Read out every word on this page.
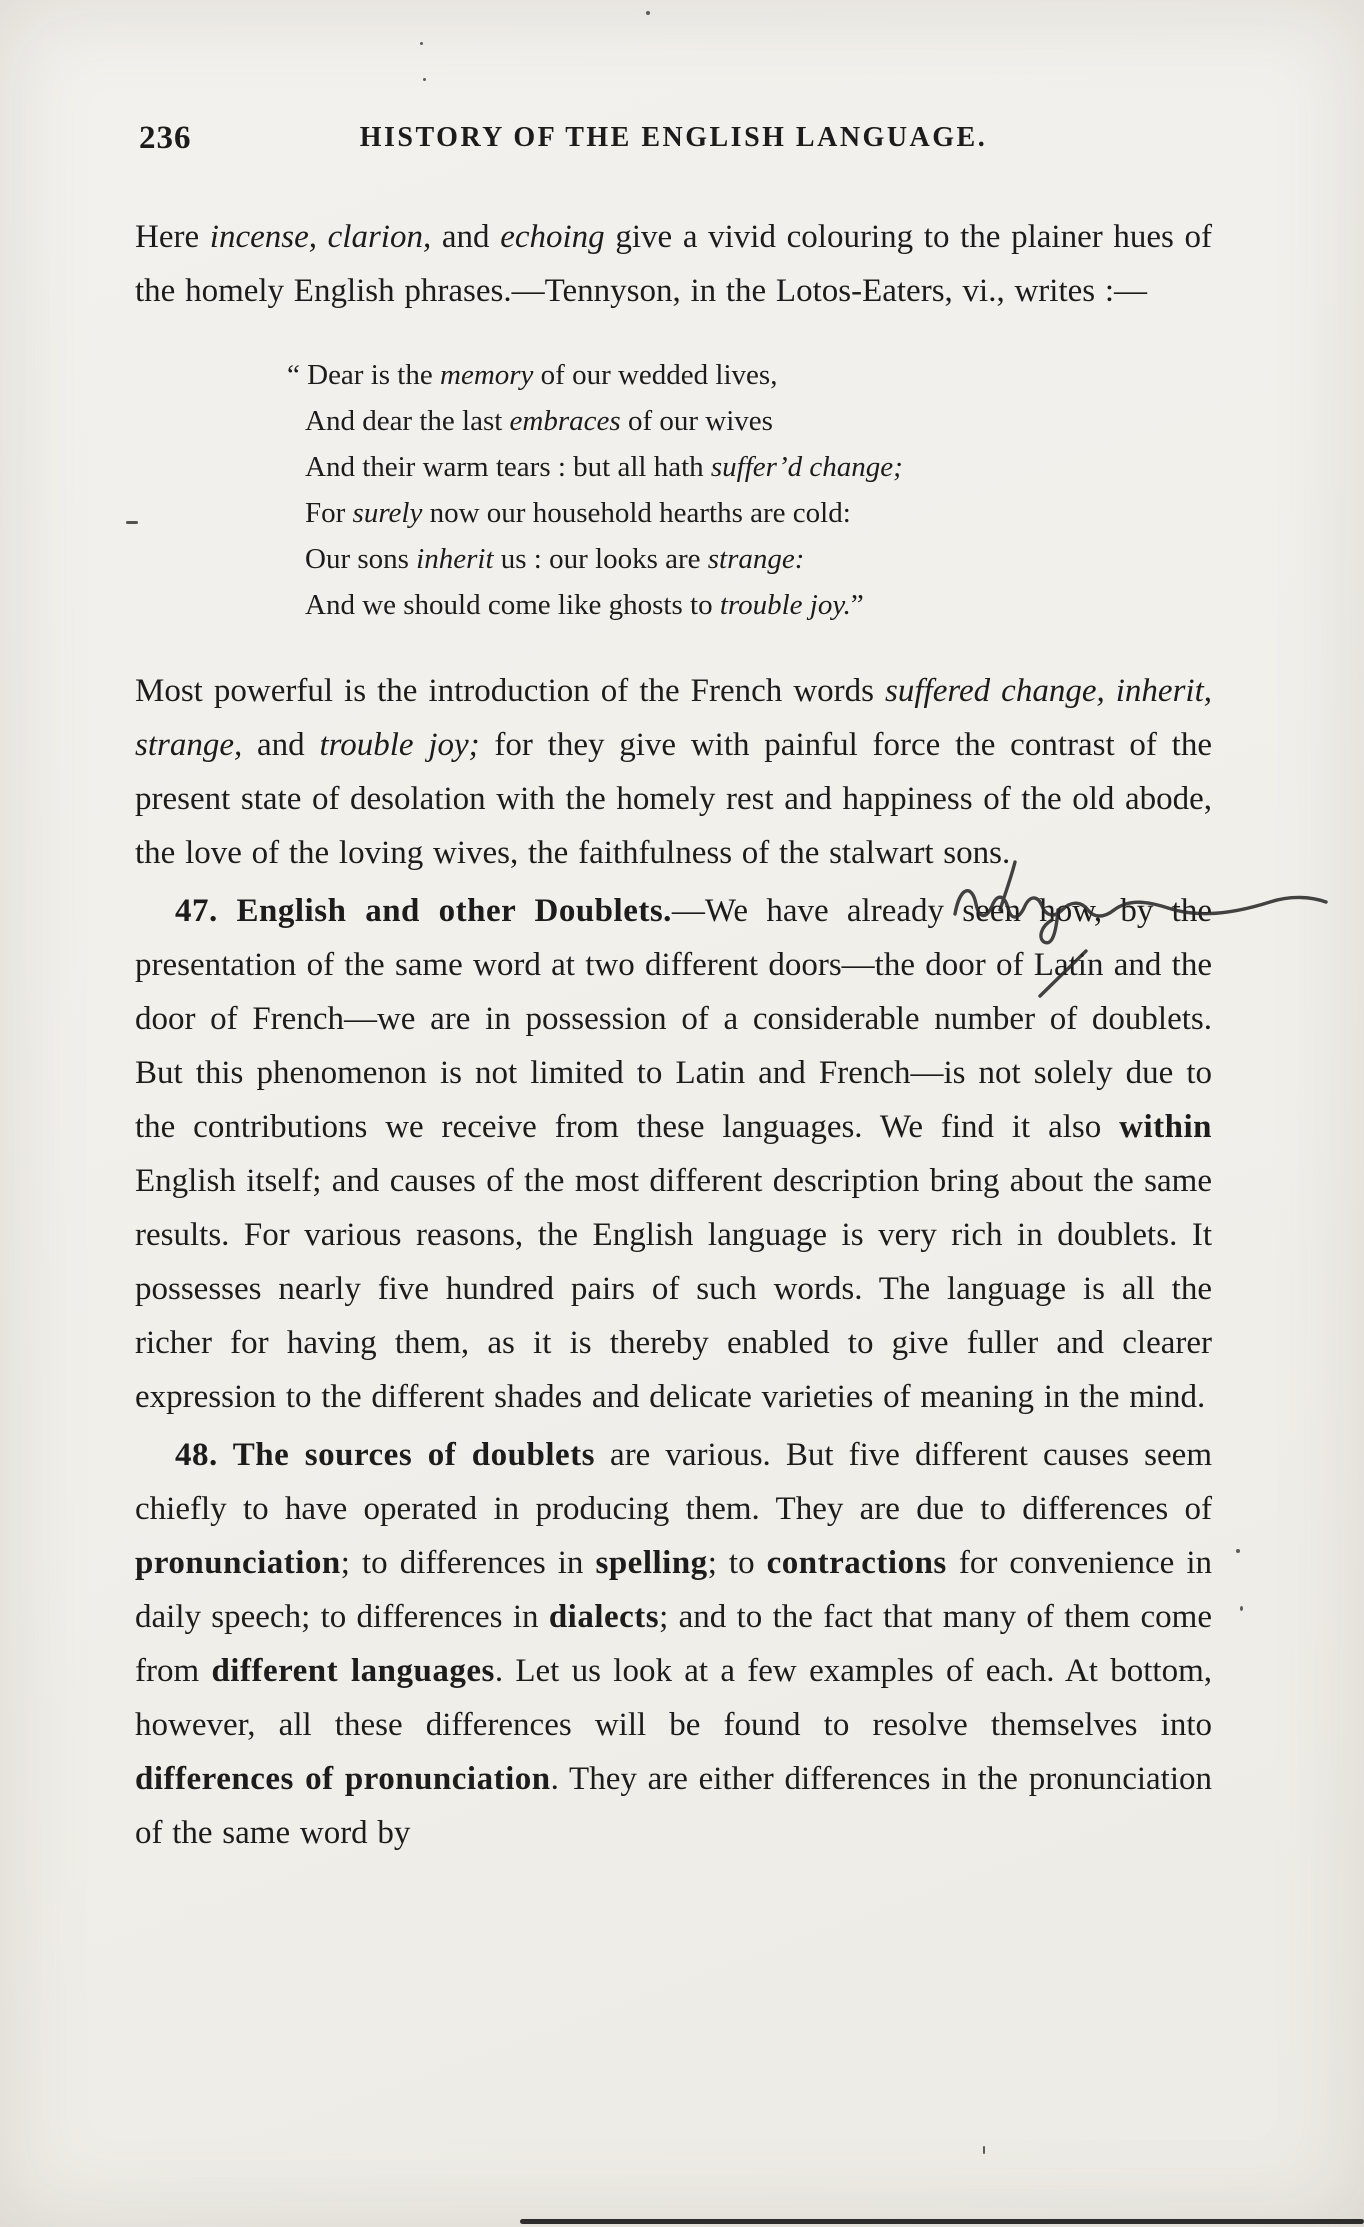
236	HISTORY OF THE ENGLISH LANGUAGE.

Here incense, clarion, and echoing give a vivid colouring to the plainer hues of the homely English phrases.—Tennyson, in the Lotos-Eaters, vi., writes :—

“ Dear is the memory of our wedded lives,
And dear the last embraces of our wives
And their warm tears : but all hath suffer’d change;
For surely now our household hearths are cold:
Our sons inherit us : our looks are strange:
And we should come like ghosts to trouble joy.”

Most powerful is the introduction of the French words suffered change, inherit, strange, and trouble joy; for they give with painful force the contrast of the present state of desolation with the homely rest and happiness of the old abode, the love of the loving wives, the faithfulness of the stalwart sons.

47. English and other Doublets.—We have already seen how, by the presentation of the same word at two different doors—the door of Latin and the door of French—we are in possession of a considerable number of doublets. But this phenomenon is not limited to Latin and French—is not solely due to the contributions we receive from these languages. We find it also within English itself; and causes of the most different description bring about the same results. For various reasons, the English language is very rich in doublets. It possesses nearly five hundred pairs of such words. The language is all the richer for having them, as it is thereby enabled to give fuller and clearer expression to the different shades and delicate varieties of meaning in the mind.

48. The sources of doublets are various. But five different causes seem chiefly to have operated in producing them. They are due to differences of pronunciation; to differences in spelling; to contractions for convenience in daily speech; to differences in dialects; and to the fact that many of them come from different languages. Let us look at a few examples of each. At bottom, however, all these differences will be found to resolve themselves into differences of pronunciation. They are either differences in the pronunciation of the same word by
